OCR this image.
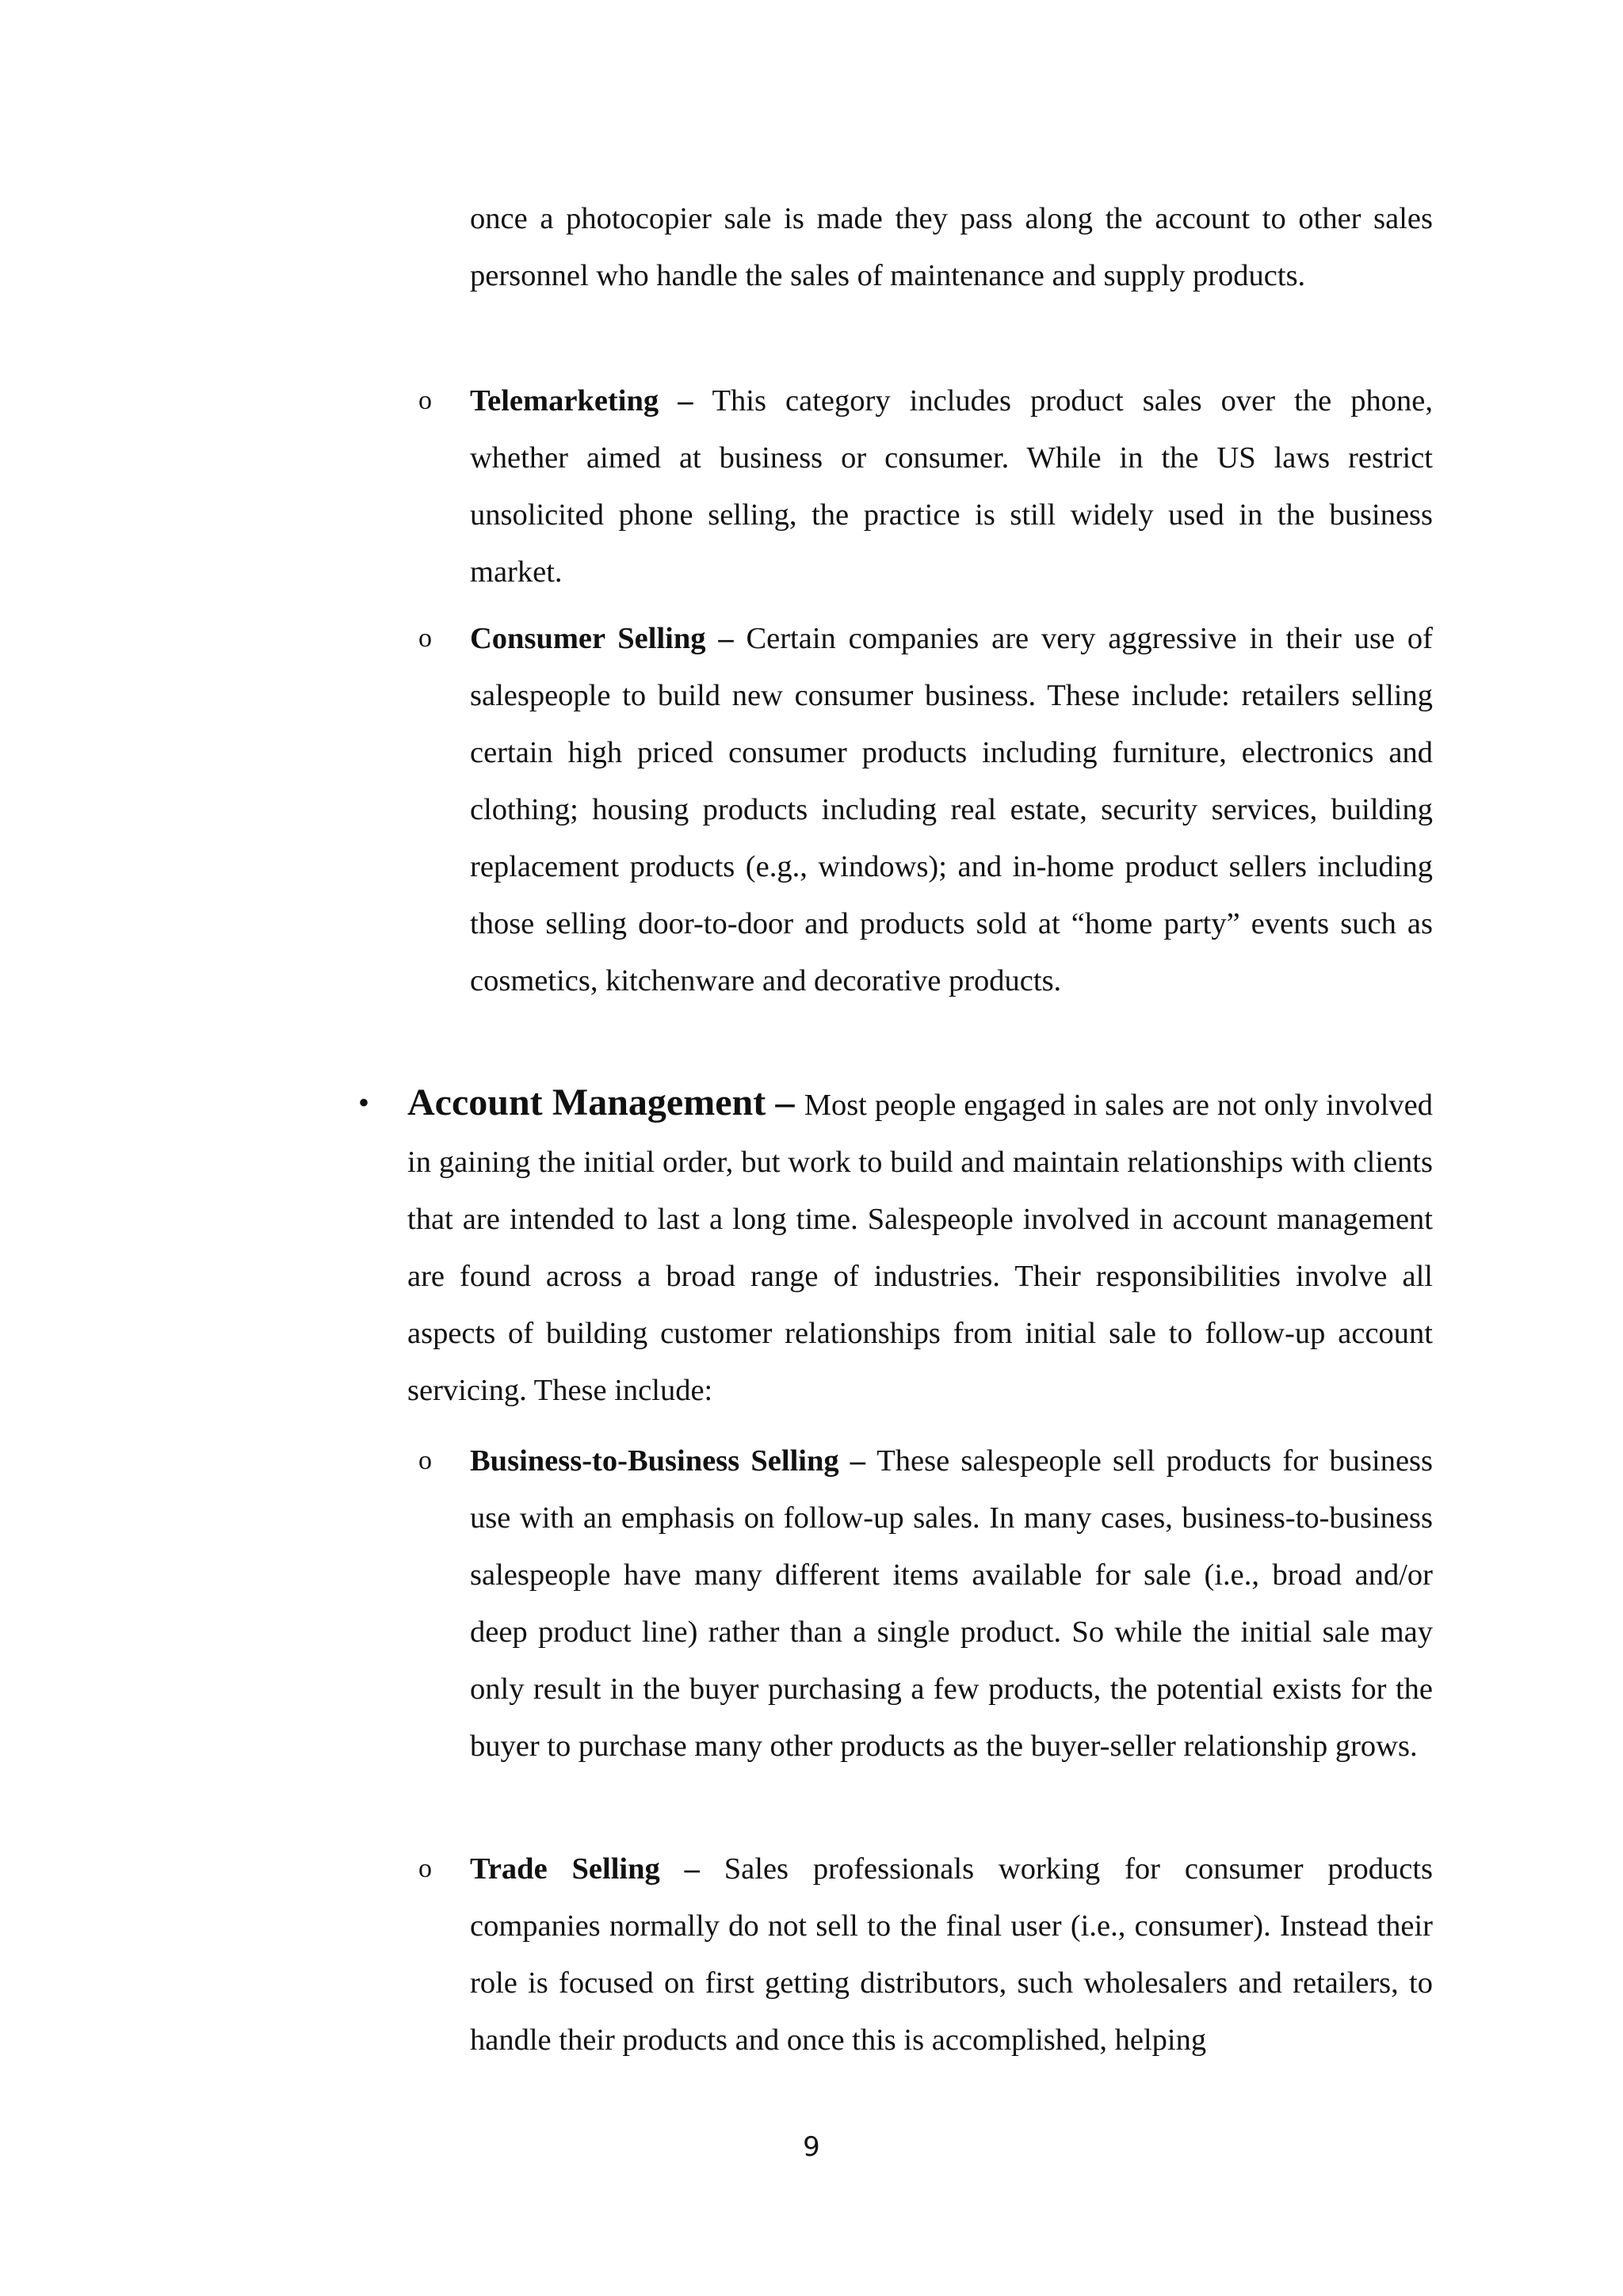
once a photocopier sale is made they pass along the account to other sales personnel who handle the sales of maintenance and supply products.

o Telemarketing – This category includes product sales over the phone, whether aimed at business or consumer. While in the US laws restrict unsolicited phone selling, the practice is still widely used in the business market.

o Consumer Selling – Certain companies are very aggressive in their use of salespeople to build new consumer business. These include: retailers selling certain high priced consumer products including furniture, electronics and clothing; housing products including real estate, security services, building replacement products (e.g., windows); and in-home product sellers including those selling door-to-door and products sold at “home party” events such as cosmetics, kitchenware and decorative products.

• Account Management – Most people engaged in sales are not only involved in gaining the initial order, but work to build and maintain relationships with clients that are intended to last a long time. Salespeople involved in account management are found across a broad range of industries. Their responsibilities involve all aspects of building customer relationships from initial sale to follow-up account servicing. These include:

o Business-to-Business Selling – These salespeople sell products for business use with an emphasis on follow-up sales. In many cases, business-to-business salespeople have many different items available for sale (i.e., broad and/or deep product line) rather than a single product. So while the initial sale may only result in the buyer purchasing a few products, the potential exists for the buyer to purchase many other products as the buyer-seller relationship grows.

o Trade Selling – Sales professionals working for consumer products companies normally do not sell to the final user (i.e., consumer). Instead their role is focused on first getting distributors, such wholesalers and retailers, to handle their products and once this is accomplished, helping

9
